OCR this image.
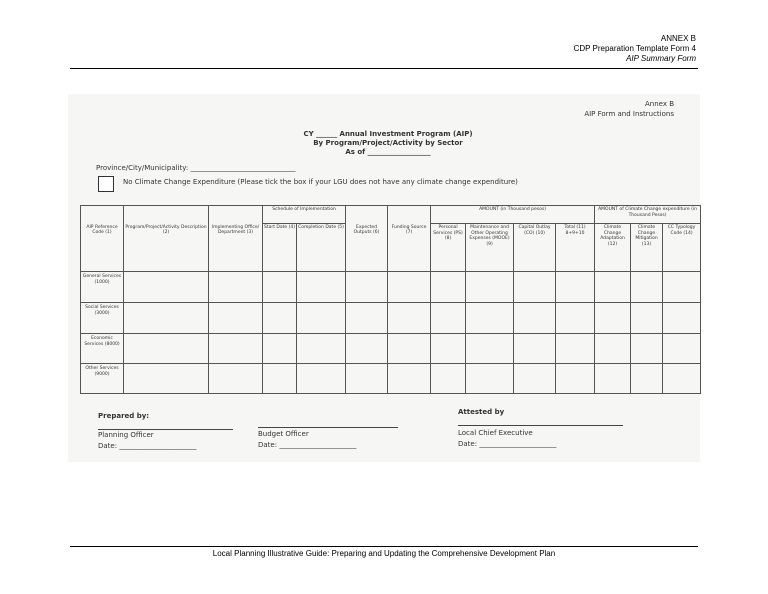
ANNEX B
CDP Preparation Template Form 4
AIP Summary Form
Annex B
AIP Form and Instructions
CY ______ Annual Investment Program (AIP)
By Program/Project/Activity by Sector
As of __________________
Province/City/Municipality: ______________________________
No Climate Change Expenditure (Please tick the box if your LGU does not have any climate change expenditure)
			Schedule of Implementation				AMOUNT (in Thousand pesos)				AMOUNT of Climate Change expenditure (in Thousand Pesos)		
AIP Reference Code (1)	Program/Project/Activity Description (2)	Implementing Office/ Department (3)	Start Date (4)	Completion Date (5)	Expected Outputs (6)	Funding Source (7)	Personal Services (PS) (8)	Maintenance and Other Operating Expenses (MOOE) (9)	Capital Outlay (CO) (10)	Total (11) 8+9+10	Climate Change Adaptation (12)	Climate Change Mitigation (13)	CC Typology Code (14)
General Services (1000)													
Social Services (3000)													
Economic Services (8000)													
Other Services (9000)													
Prepared by:	Attested by
Planning Officer	Budget Officer	Local Chief Executive
Date: ______________________	Date: ______________________	Date: ______________________
Local Planning Illustrative Guide: Preparing and Updating the Comprehensive Development Plan
